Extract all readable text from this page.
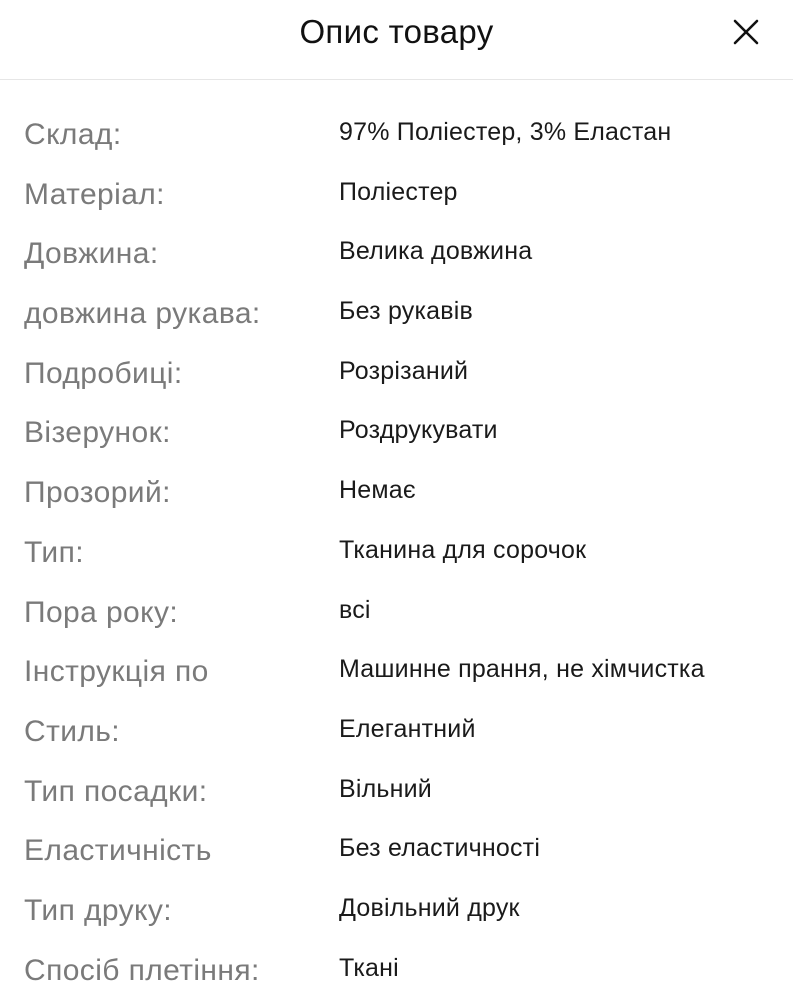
Опис товару
Склад:	97% Поліестер, 3% Еластан
Матеріал:	Поліестер
Довжина:	Велика довжина
довжина рукава:	Без рукавів
Подробиці:	Розрізаний
Візерунок:	Роздрукувати
Прозорий:	Немає
Тип:	Тканина для сорочок
Пора року:	всі
Інструкція по	Машинне прання, не хімчистка
Стиль:	Елегантний
Тип посадки:	Вільний
Еластичність	Без еластичності
Тип друку:	Довільний друк
Спосіб плетіння:	Ткані
